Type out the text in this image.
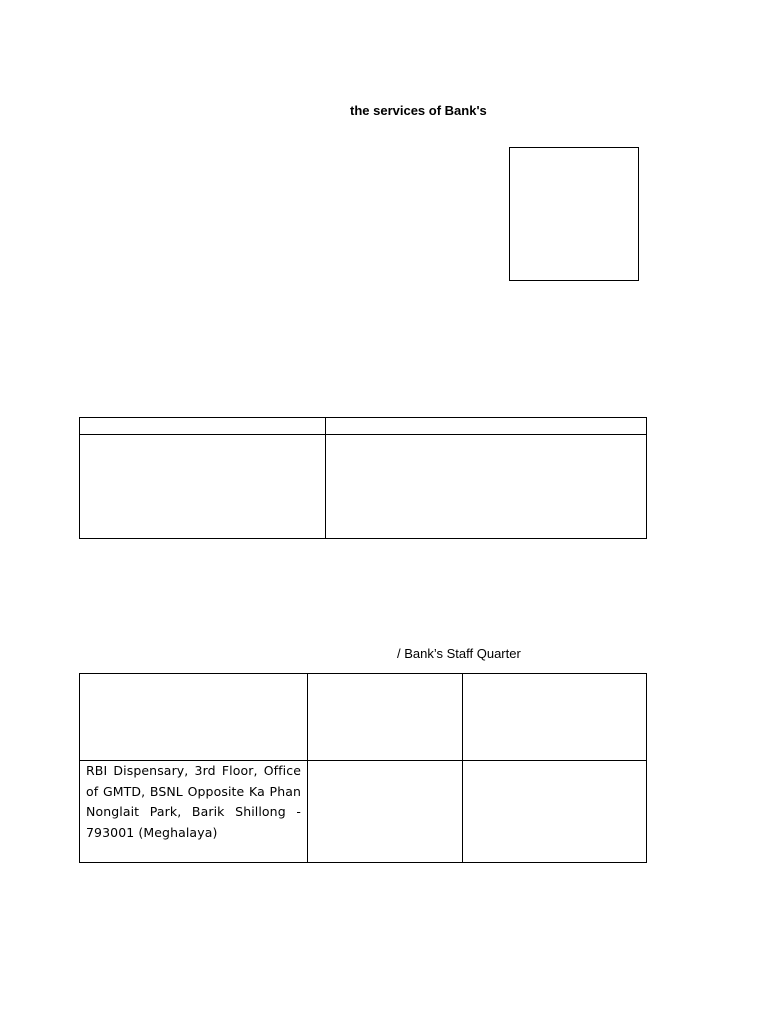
the services of Bank's

/ Bank’s Staff Quarter

RBI Dispensary, 3rd Floor, Office of GMTD, BSNL Opposite Ka Phan Nonglait Park, Barik Shillong - 793001 (Meghalaya)		
